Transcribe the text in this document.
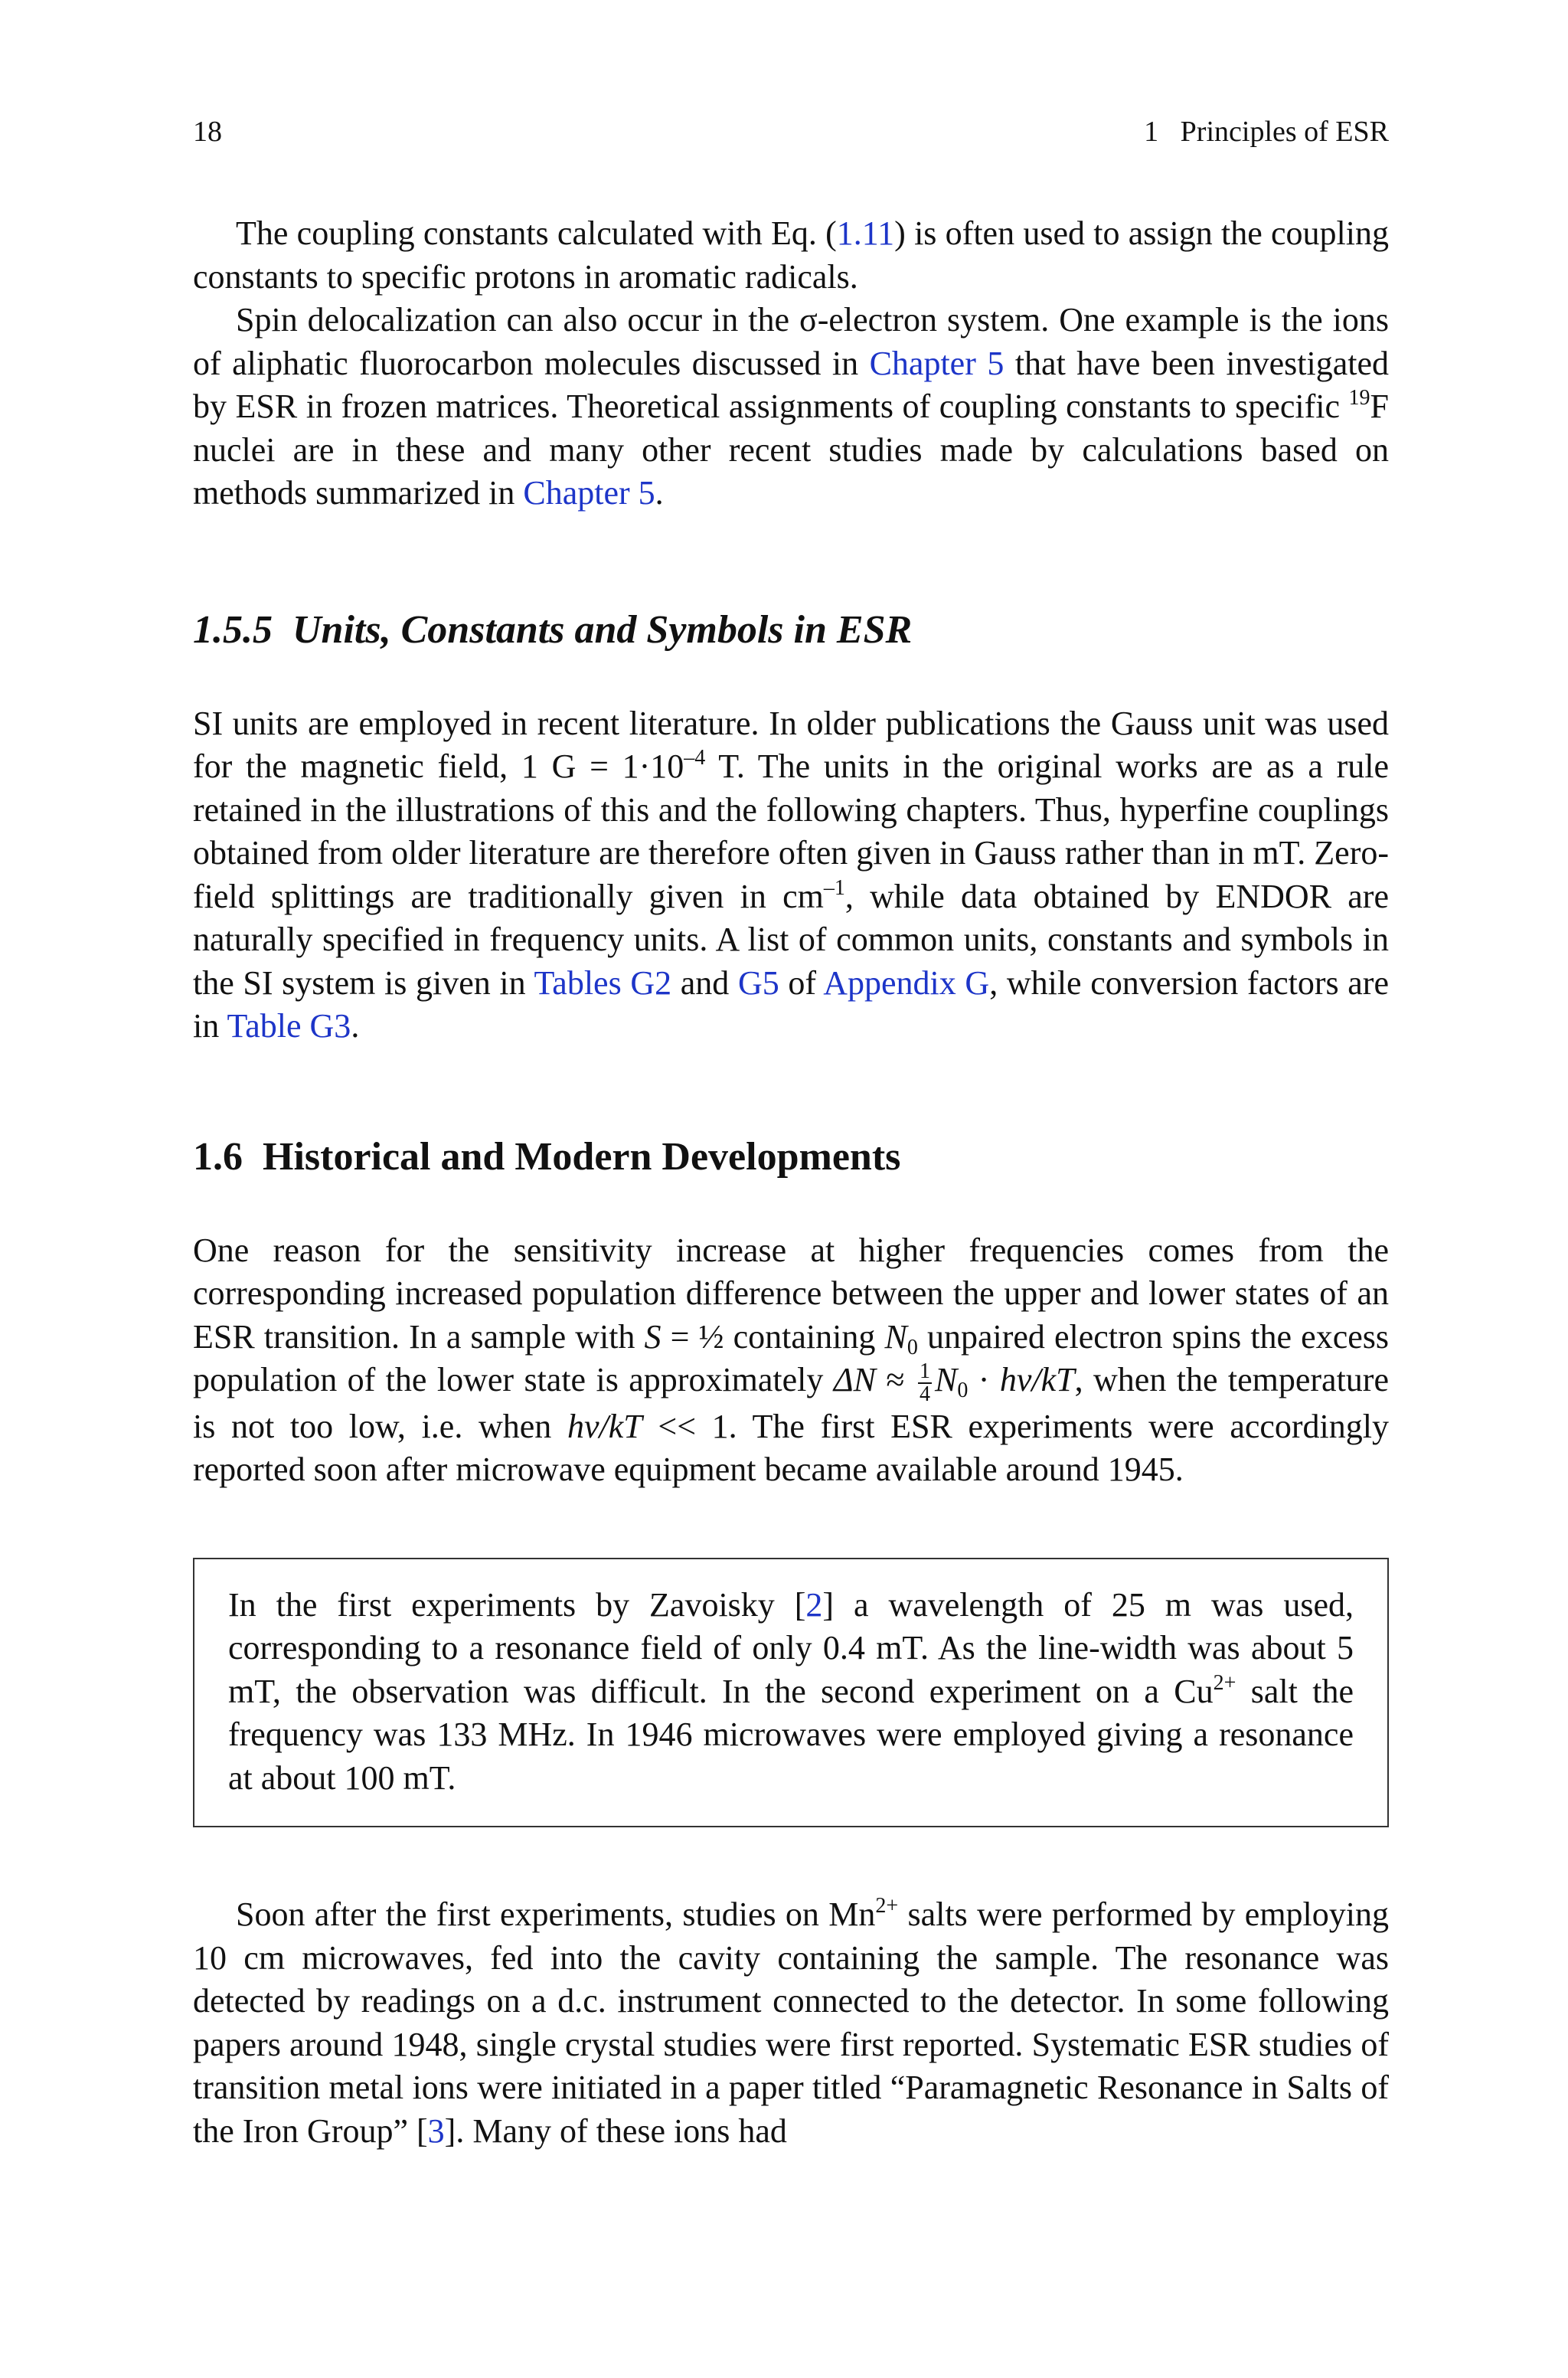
18	1   Principles of ESR

The coupling constants calculated with Eq. (1.11) is often used to assign the coupling constants to specific protons in aromatic radicals.

Spin delocalization can also occur in the σ-electron system. One example is the ions of aliphatic fluorocarbon molecules discussed in Chapter 5 that have been investigated by ESR in frozen matrices. Theoretical assignments of coupling constants to specific $^{19}$F nuclei are in these and many other recent studies made by calculations based on methods summarized in Chapter 5.

1.5.5  Units, Constants and Symbols in ESR

SI units are employed in recent literature. In older publications the Gauss unit was used for the magnetic field, 1 $G = 1\cdot 10^{-4}$ T. The units in the original works are as a rule retained in the illustrations of this and the following chapters. Thus, hyperfine couplings obtained from older literature are therefore often given in Gauss rather than in mT. Zero-field splittings are traditionally given in $cm^{-1}$, while data obtained by ENDOR are naturally specified in frequency units. A list of common units, constants and symbols in the SI system is given in Tables G2 and G5 of Appendix G, while conversion factors are in Table G3.

1.6  Historical and Modern Developments

One reason for the sensitivity increase at higher frequencies comes from the corresponding increased population difference between the upper and lower states of an ESR transition. In a sample with S = ½ containing $N_0$ unpaired electron spins the excess population of the lower state is approximately $\Delta N \approx \frac{1}{4} N_0 \cdot h\nu/kT$, when the temperature is not too low, i.e. when hν/kT << 1. The first ESR experiments were accordingly reported soon after microwave equipment became available around 1945.

In the first experiments by Zavoisky [2] a wavelength of 25 m was used, corresponding to a resonance field of only 0.4 mT. As the line-width was about 5 mT, the observation was difficult. In the second experiment on a $Cu^{2+}$ salt the frequency was 133 MHz. In 1946 microwaves were employed giving a resonance at about 100 mT.

Soon after the first experiments, studies on $Mn^{2+}$ salts were performed by employing 10 cm microwaves, fed into the cavity containing the sample. The resonance was detected by readings on a d.c. instrument connected to the detector. In some following papers around 1948, single crystal studies were first reported. Systematic ESR studies of transition metal ions were initiated in a paper titled “Paramagnetic Resonance in Salts of the Iron Group” [3]. Many of these ions had
